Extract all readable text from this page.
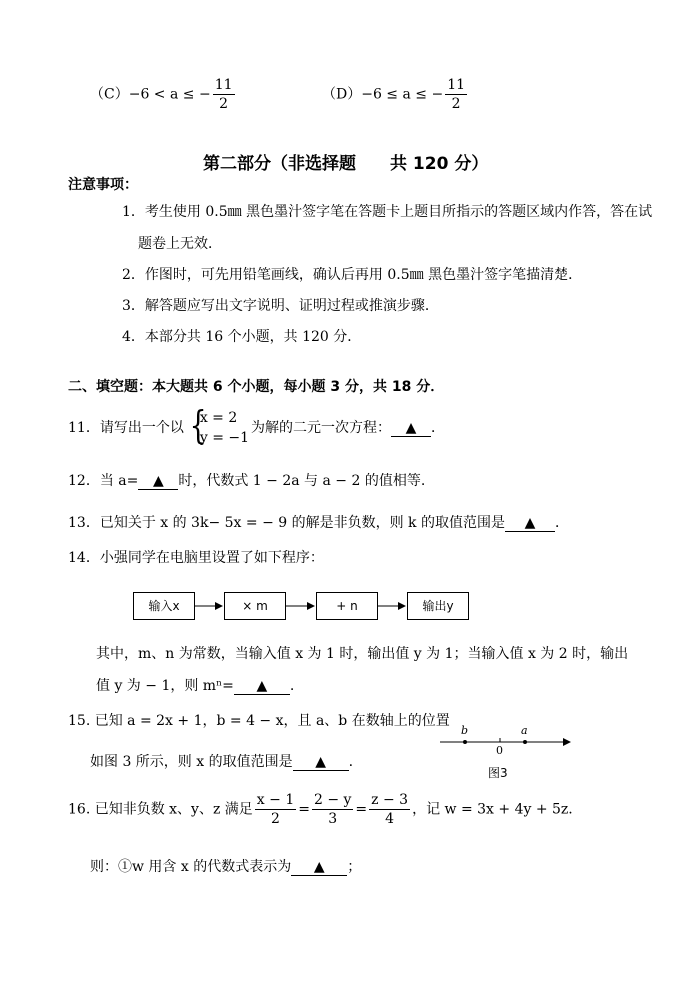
（C）−6 < a ≤ − $\frac{11}{2}$	（D）−6 ≤ a ≤ − $\frac{11}{2}$
第二部分（非选择题　　共 120 分）
注意事项：
1．考生使用 0.5㎜ 黑色墨汁签字笔在答题卡上题目所指示的答题区域内作答，答在试
题卷上无效．
2．作图时，可先用铅笔画线，确认后再用 0.5㎜ 黑色墨汁签字笔描清楚．
3．解答题应写出文字说明、证明过程或推演步骤．
4．本部分共 16 个小题，共 120 分．
二、填空题：本大题共 6 个小题，每小题 3 分，共 18 分．
11．请写出一个以 {
x = 2
y = −1
为解的二元一次方程： ▲ ．
12．当 a= ▲ 时，代数式 1 − 2a 与 a − 2 的值相等.
13．已知关于 x 的 3k− 5x = − 9 的解是非负数，则 k 的取值范围是 ▲ ．
14．小强同学在电脑里设置了如下程序：
输入x	× m	+ n	输出y
其中，m、n 为常数，当输入值 x 为 1 时，输出值 y 为 1；当输入值 x 为 2 时，输出
值 y 为 − 1，则 mⁿ= ▲ .
15. 已知 a = 2x + 1，b = 4 − x，且 a、b 在数轴上的位置
如图 3 所示，则 x 的取值范围是 ▲ .
b
0
a
图3
16. 已知非负数 x、y、z 满足 $\frac{x - 1}{2} = \frac{2 - y}{3} = \frac{z - 3}{4}$ ，记 w = 3x + 4y + 5z.
则：①w 用含 x 的代数式表示为 ▲ ；
